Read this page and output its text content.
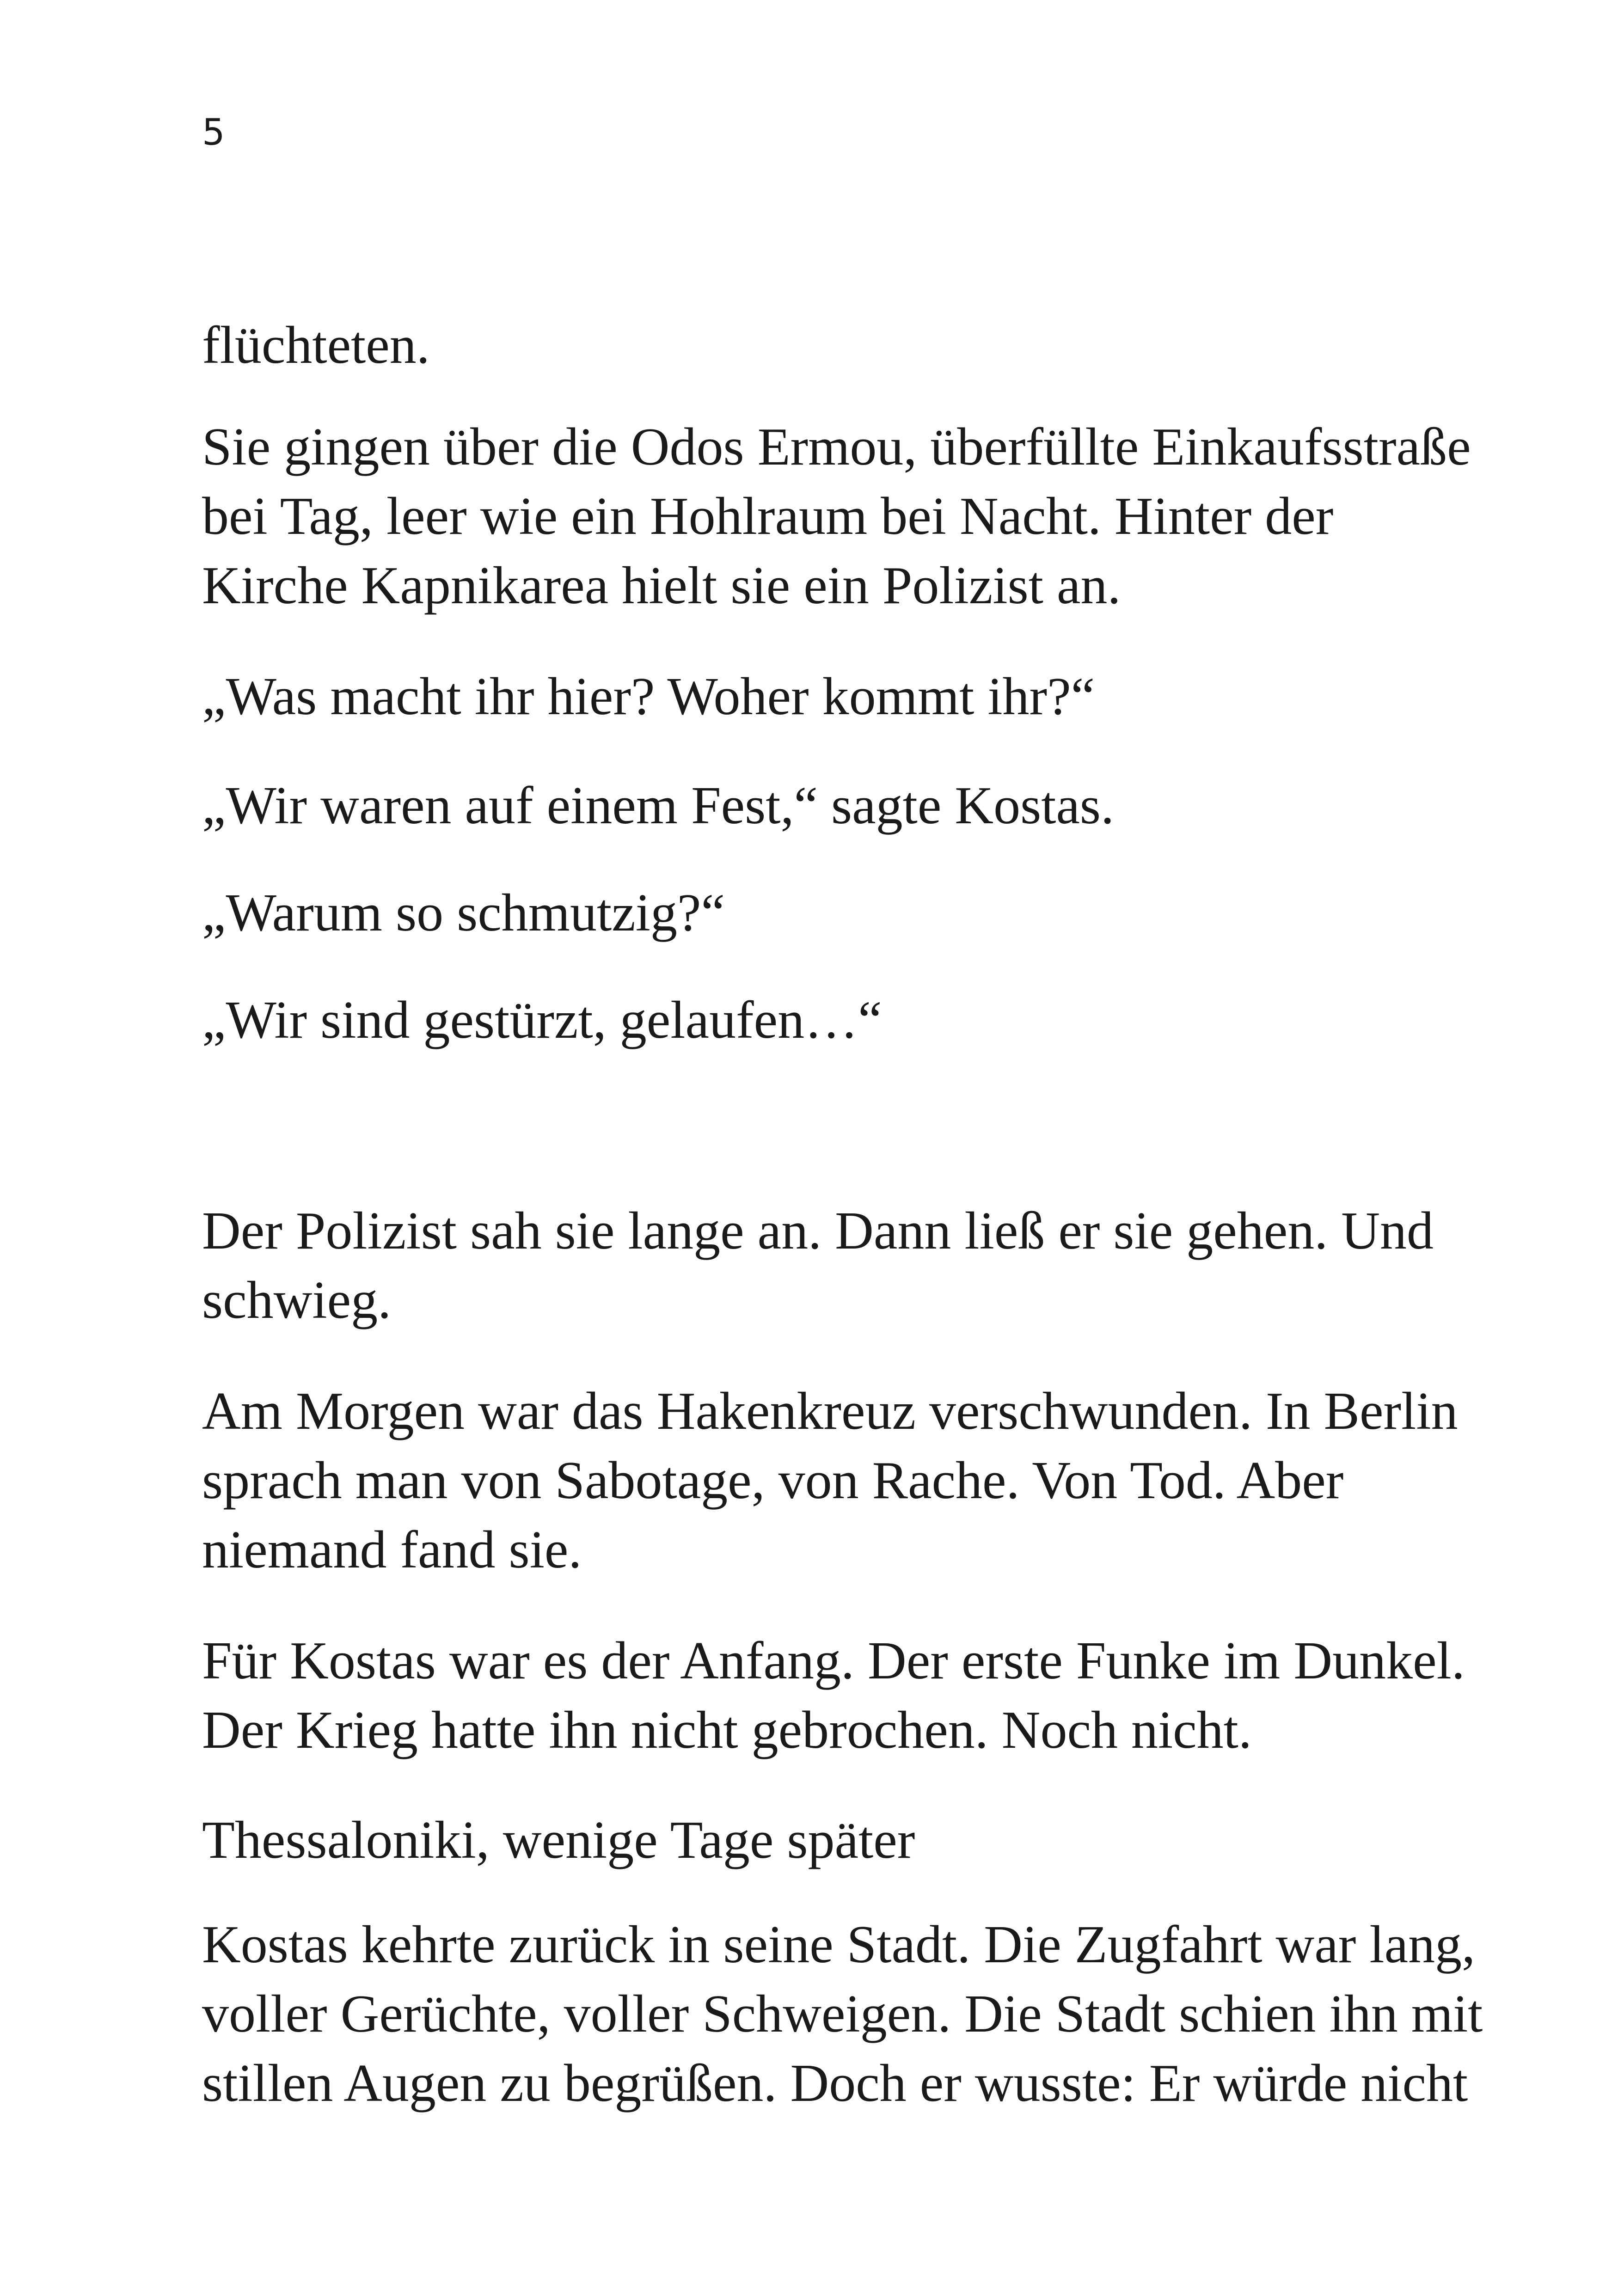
5

flüchteten.

Sie gingen über die Odos Ermou, überfüllte Einkaufsstraße
bei Tag, leer wie ein Hohlraum bei Nacht. Hinter der
Kirche Kapnikarea hielt sie ein Polizist an.

„Was macht ihr hier? Woher kommt ihr?“

„Wir waren auf einem Fest,“ sagte Kostas.

„Warum so schmutzig?“

„Wir sind gestürzt, gelaufen…“

Der Polizist sah sie lange an. Dann ließ er sie gehen. Und
schwieg.

Am Morgen war das Hakenkreuz verschwunden. In Berlin
sprach man von Sabotage, von Rache. Von Tod. Aber
niemand fand sie.

Für Kostas war es der Anfang. Der erste Funke im Dunkel.
Der Krieg hatte ihn nicht gebrochen. Noch nicht.

Thessaloniki, wenige Tage später

Kostas kehrte zurück in seine Stadt. Die Zugfahrt war lang,
voller Gerüchte, voller Schweigen. Die Stadt schien ihn mit
stillen Augen zu begrüßen. Doch er wusste: Er würde nicht
